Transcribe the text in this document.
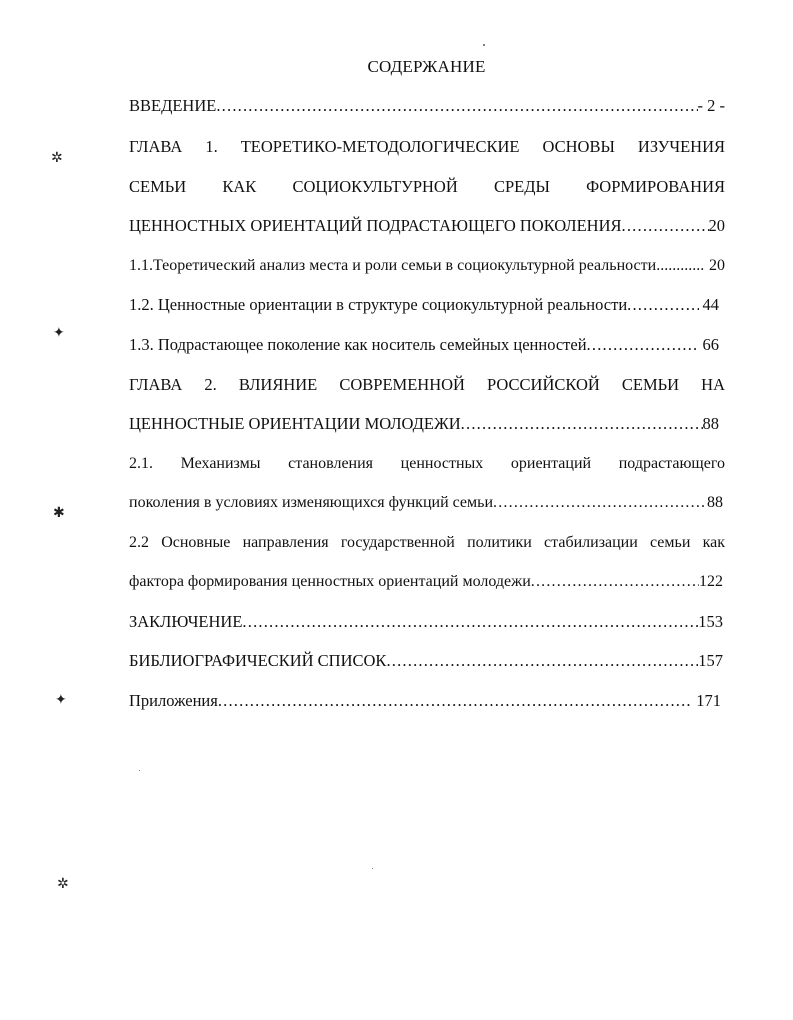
СОДЕРЖАНИЕ
ВВЕДЕНИЕ .....	- 2 -
ГЛАВА 1. ТЕОРЕТИКО-МЕТОДОЛОГИЧЕСКИЕ ОСНОВЫ ИЗУЧЕНИЯ
СЕМЬИ КАК СОЦИОКУЛЬТУРНОЙ СРЕДЫ ФОРМИРОВАНИЯ
ЦЕННОСТНЫХ ОРИЕНТАЦИЙ ПОДРАСТАЮЩЕГО ПОКОЛЕНИЯ .....	20
1.1.Теоретический анализ места и роли семьи в социокультурной реальности .....	20
1.2. Ценностные ориентации в структуре социокультурной реальности .....	44
1.3. Подрастающее поколение как носитель семейных ценностей .....	66
ГЛАВА 2. ВЛИЯНИЕ СОВРЕМЕННОЙ РОССИЙСКОЙ СЕМЬИ НА
ЦЕННОСТНЫЕ ОРИЕНТАЦИИ МОЛОДЕЖИ .....	88
2.1. Механизмы становления ценностных ориентаций подрастающего
поколения в условиях изменяющихся функций семьи .....	88
2.2 Основные направления государственной политики стабилизации семьи как
фактора формирования ценностных ориентаций молодежи .....	122
ЗАКЛЮЧЕНИЕ .....	153
БИБЛИОГРАФИЧЕСКИЙ СПИСОК .....	157
Приложения .....	171
✲
✦
✱
✦
✲
